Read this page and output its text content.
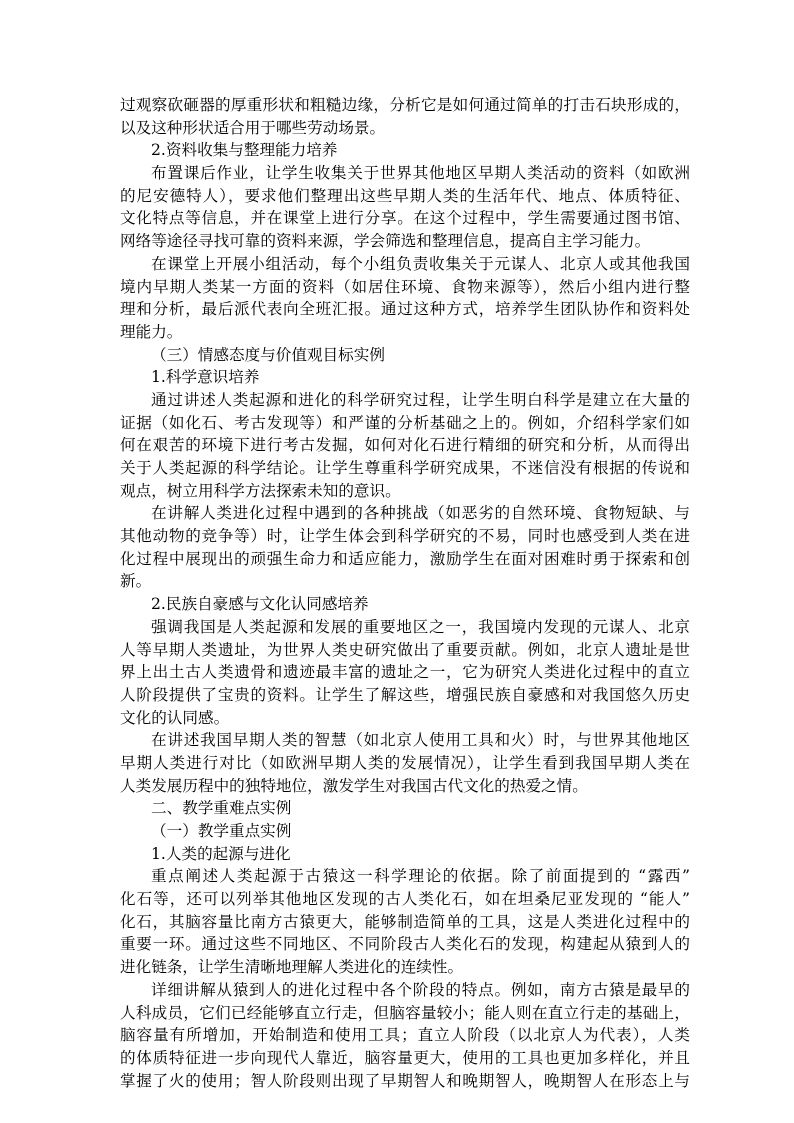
过观察砍砸器的厚重形状和粗糙边缘，分析它是如何通过简单的打击石块形成的，
以及这种形状适合用于哪些劳动场景。
2.资料收集与整理能力培养
布置课后作业，让学生收集关于世界其他地区早期人类活动的资料（如欧洲
的尼安德特人），要求他们整理出这些早期人类的生活年代、地点、体质特征、
文化特点等信息，并在课堂上进行分享。在这个过程中，学生需要通过图书馆、
网络等途径寻找可靠的资料来源，学会筛选和整理信息，提高自主学习能力。
在课堂上开展小组活动，每个小组负责收集关于元谋人、北京人或其他我国
境内早期人类某一方面的资料（如居住环境、食物来源等），然后小组内进行整
理和分析，最后派代表向全班汇报。通过这种方式，培养学生团队协作和资料处
理能力。
（三）情感态度与价值观目标实例
1.科学意识培养
通过讲述人类起源和进化的科学研究过程，让学生明白科学是建立在大量的
证据（如化石、考古发现等）和严谨的分析基础之上的。例如，介绍科学家们如
何在艰苦的环境下进行考古发掘，如何对化石进行精细的研究和分析，从而得出
关于人类起源的科学结论。让学生尊重科学研究成果，不迷信没有根据的传说和
观点，树立用科学方法探索未知的意识。
在讲解人类进化过程中遇到的各种挑战（如恶劣的自然环境、食物短缺、与
其他动物的竞争等）时，让学生体会到科学研究的不易，同时也感受到人类在进
化过程中展现出的顽强生命力和适应能力，激励学生在面对困难时勇于探索和创
新。
2.民族自豪感与文化认同感培养
强调我国是人类起源和发展的重要地区之一，我国境内发现的元谋人、北京
人等早期人类遗址，为世界人类史研究做出了重要贡献。例如，北京人遗址是世
界上出土古人类遗骨和遗迹最丰富的遗址之一，它为研究人类进化过程中的直立
人阶段提供了宝贵的资料。让学生了解这些，增强民族自豪感和对我国悠久历史
文化的认同感。
在讲述我国早期人类的智慧（如北京人使用工具和火）时，与世界其他地区
早期人类进行对比（如欧洲早期人类的发展情况），让学生看到我国早期人类在
人类发展历程中的独特地位，激发学生对我国古代文化的热爱之情。
二、教学重难点实例
（一）教学重点实例
1.人类的起源与进化
重点阐述人类起源于古猿这一科学理论的依据。除了前面提到的 “露西”
化石等，还可以列举其他地区发现的古人类化石，如在坦桑尼亚发现的 “能人”
化石，其脑容量比南方古猿更大，能够制造简单的工具，这是人类进化过程中的
重要一环。通过这些不同地区、不同阶段古人类化石的发现，构建起从猿到人的
进化链条，让学生清晰地理解人类进化的连续性。
详细讲解从猿到人的进化过程中各个阶段的特点。例如，南方古猿是最早的
人科成员，它们已经能够直立行走，但脑容量较小；能人则在直立行走的基础上，
脑容量有所增加，开始制造和使用工具；直立人阶段（以北京人为代表），人类
的体质特征进一步向现代人靠近，脑容量更大，使用的工具也更加多样化，并且
掌握了火的使用；智人阶段则出现了早期智人和晚期智人，晚期智人在形态上与
